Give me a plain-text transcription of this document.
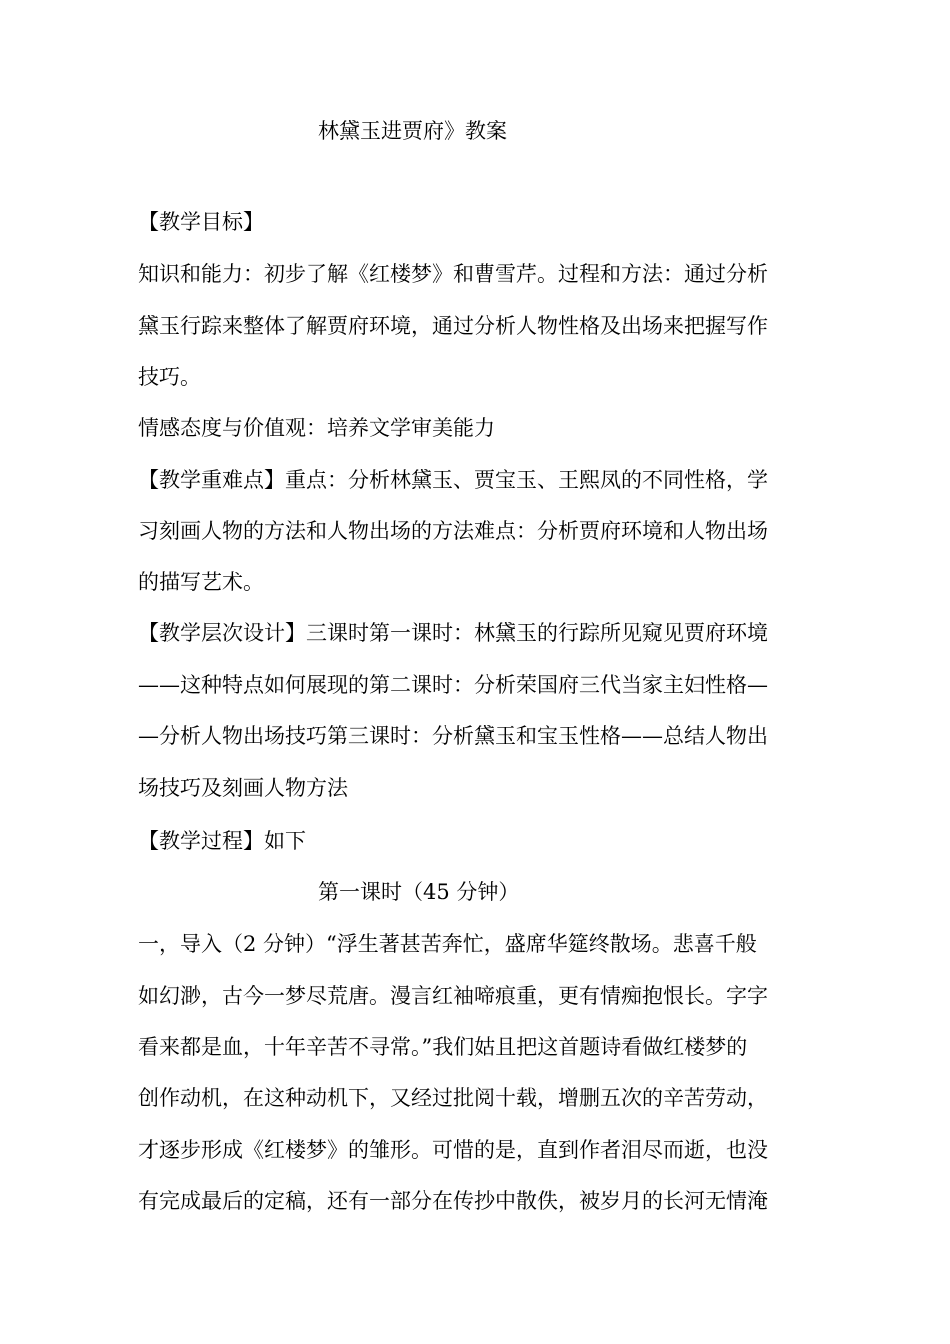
林黛玉进贾府》教案
【教学目标】
知识和能力：初步了解《红楼梦》和曹雪芹。过程和方法：通过分析
黛玉行踪来整体了解贾府环境，通过分析人物性格及出场来把握写作
技巧。
情感态度与价值观：培养文学审美能力
【教学重难点】重点：分析林黛玉、贾宝玉、王熙凤的不同性格，学
习刻画人物的方法和人物出场的方法难点：分析贾府环境和人物出场
的描写艺术。
【教学层次设计】三课时第一课时：林黛玉的行踪所见窥见贾府环境
——这种特点如何展现的第二课时：分析荣国府三代当家主妇性格—
—分析人物出场技巧第三课时：分析黛玉和宝玉性格——总结人物出
场技巧及刻画人物方法
【教学过程】如下
第一课时（45 分钟）
一，导入（2 分钟）“浮生著甚苦奔忙，盛席华筵终散场。悲喜千般
如幻渺，古今一梦尽荒唐。漫言红袖啼痕重，更有情痴抱恨长。字字
看来都是血，十年辛苦不寻常。”我们姑且把这首题诗看做红楼梦的
创作动机，在这种动机下，又经过批阅十载，增删五次的辛苦劳动，
才逐步形成《红楼梦》的雏形。可惜的是，直到作者泪尽而逝，也没
有完成最后的定稿，还有一部分在传抄中散佚，被岁月的长河无情淹
